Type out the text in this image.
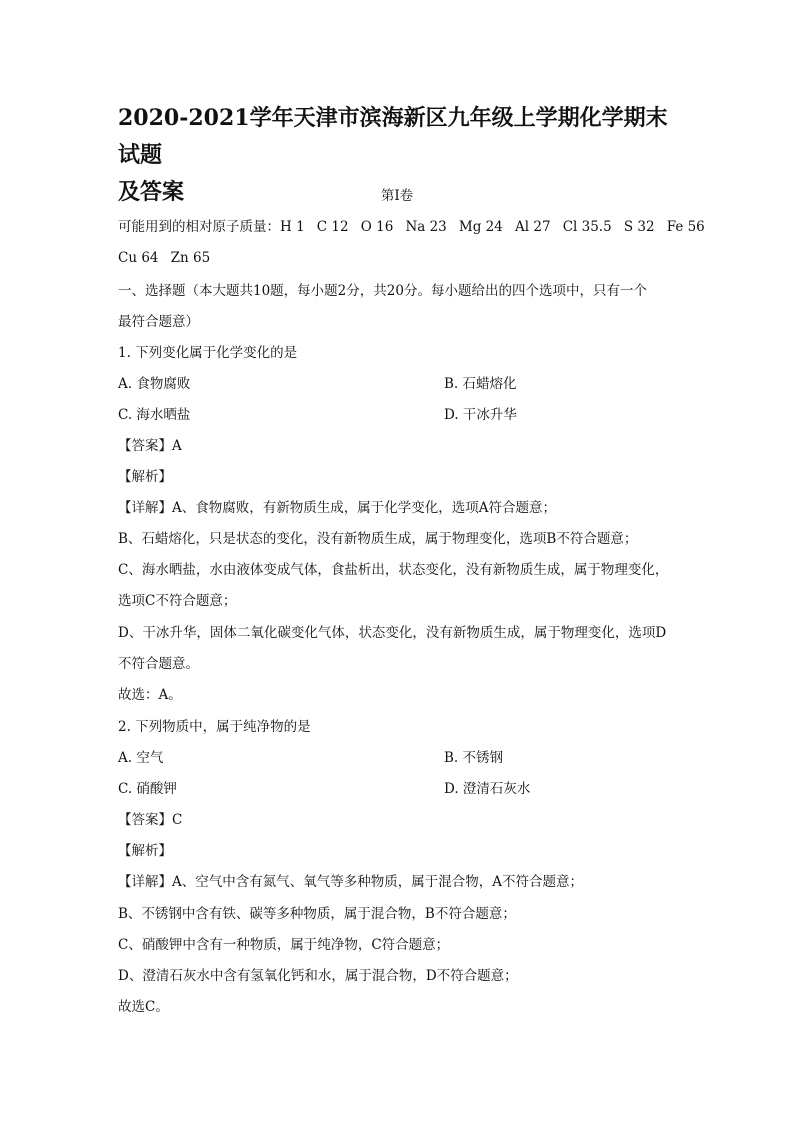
2020-2021学年天津市滨海新区九年级上学期化学期末试题
及答案	第I卷
可能用到的相对原子质量：H 1 C 12 O 16 Na 23 Mg 24 Al 27 Cl 35.5 S 32 Fe 56
Cu 64 Zn 65
一、选择题（本大题共10题，每小题2分，共20分。每小题给出的四个选项中，只有一个
最符合题意）
1. 下列变化属于化学变化的是
A. 食物腐败	B. 石蜡熔化
C. 海水晒盐	D. 干冰升华
【答案】A
【解析】
【详解】A、食物腐败，有新物质生成，属于化学变化，选项A符合题意；
B、石蜡熔化，只是状态的变化，没有新物质生成，属于物理变化，选项B不符合题意；
C、海水晒盐，水由液体变成气体，食盐析出，状态变化，没有新物质生成，属于物理变化，
选项C不符合题意；
D、干冰升华，固体二氧化碳变化气体，状态变化，没有新物质生成，属于物理变化，选项D
不符合题意。
故选：A。
2. 下列物质中，属于纯净物的是
A. 空气	B. 不锈钢
C. 硝酸钾	D. 澄清石灰水
【答案】C
【解析】
【详解】A、空气中含有氮气、氧气等多种物质，属于混合物，A不符合题意；
B、不锈钢中含有铁、碳等多种物质，属于混合物，B不符合题意；
C、硝酸钾中含有一种物质，属于纯净物，C符合题意；
D、澄清石灰水中含有氢氧化钙和水，属于混合物，D不符合题意；
故选C。
